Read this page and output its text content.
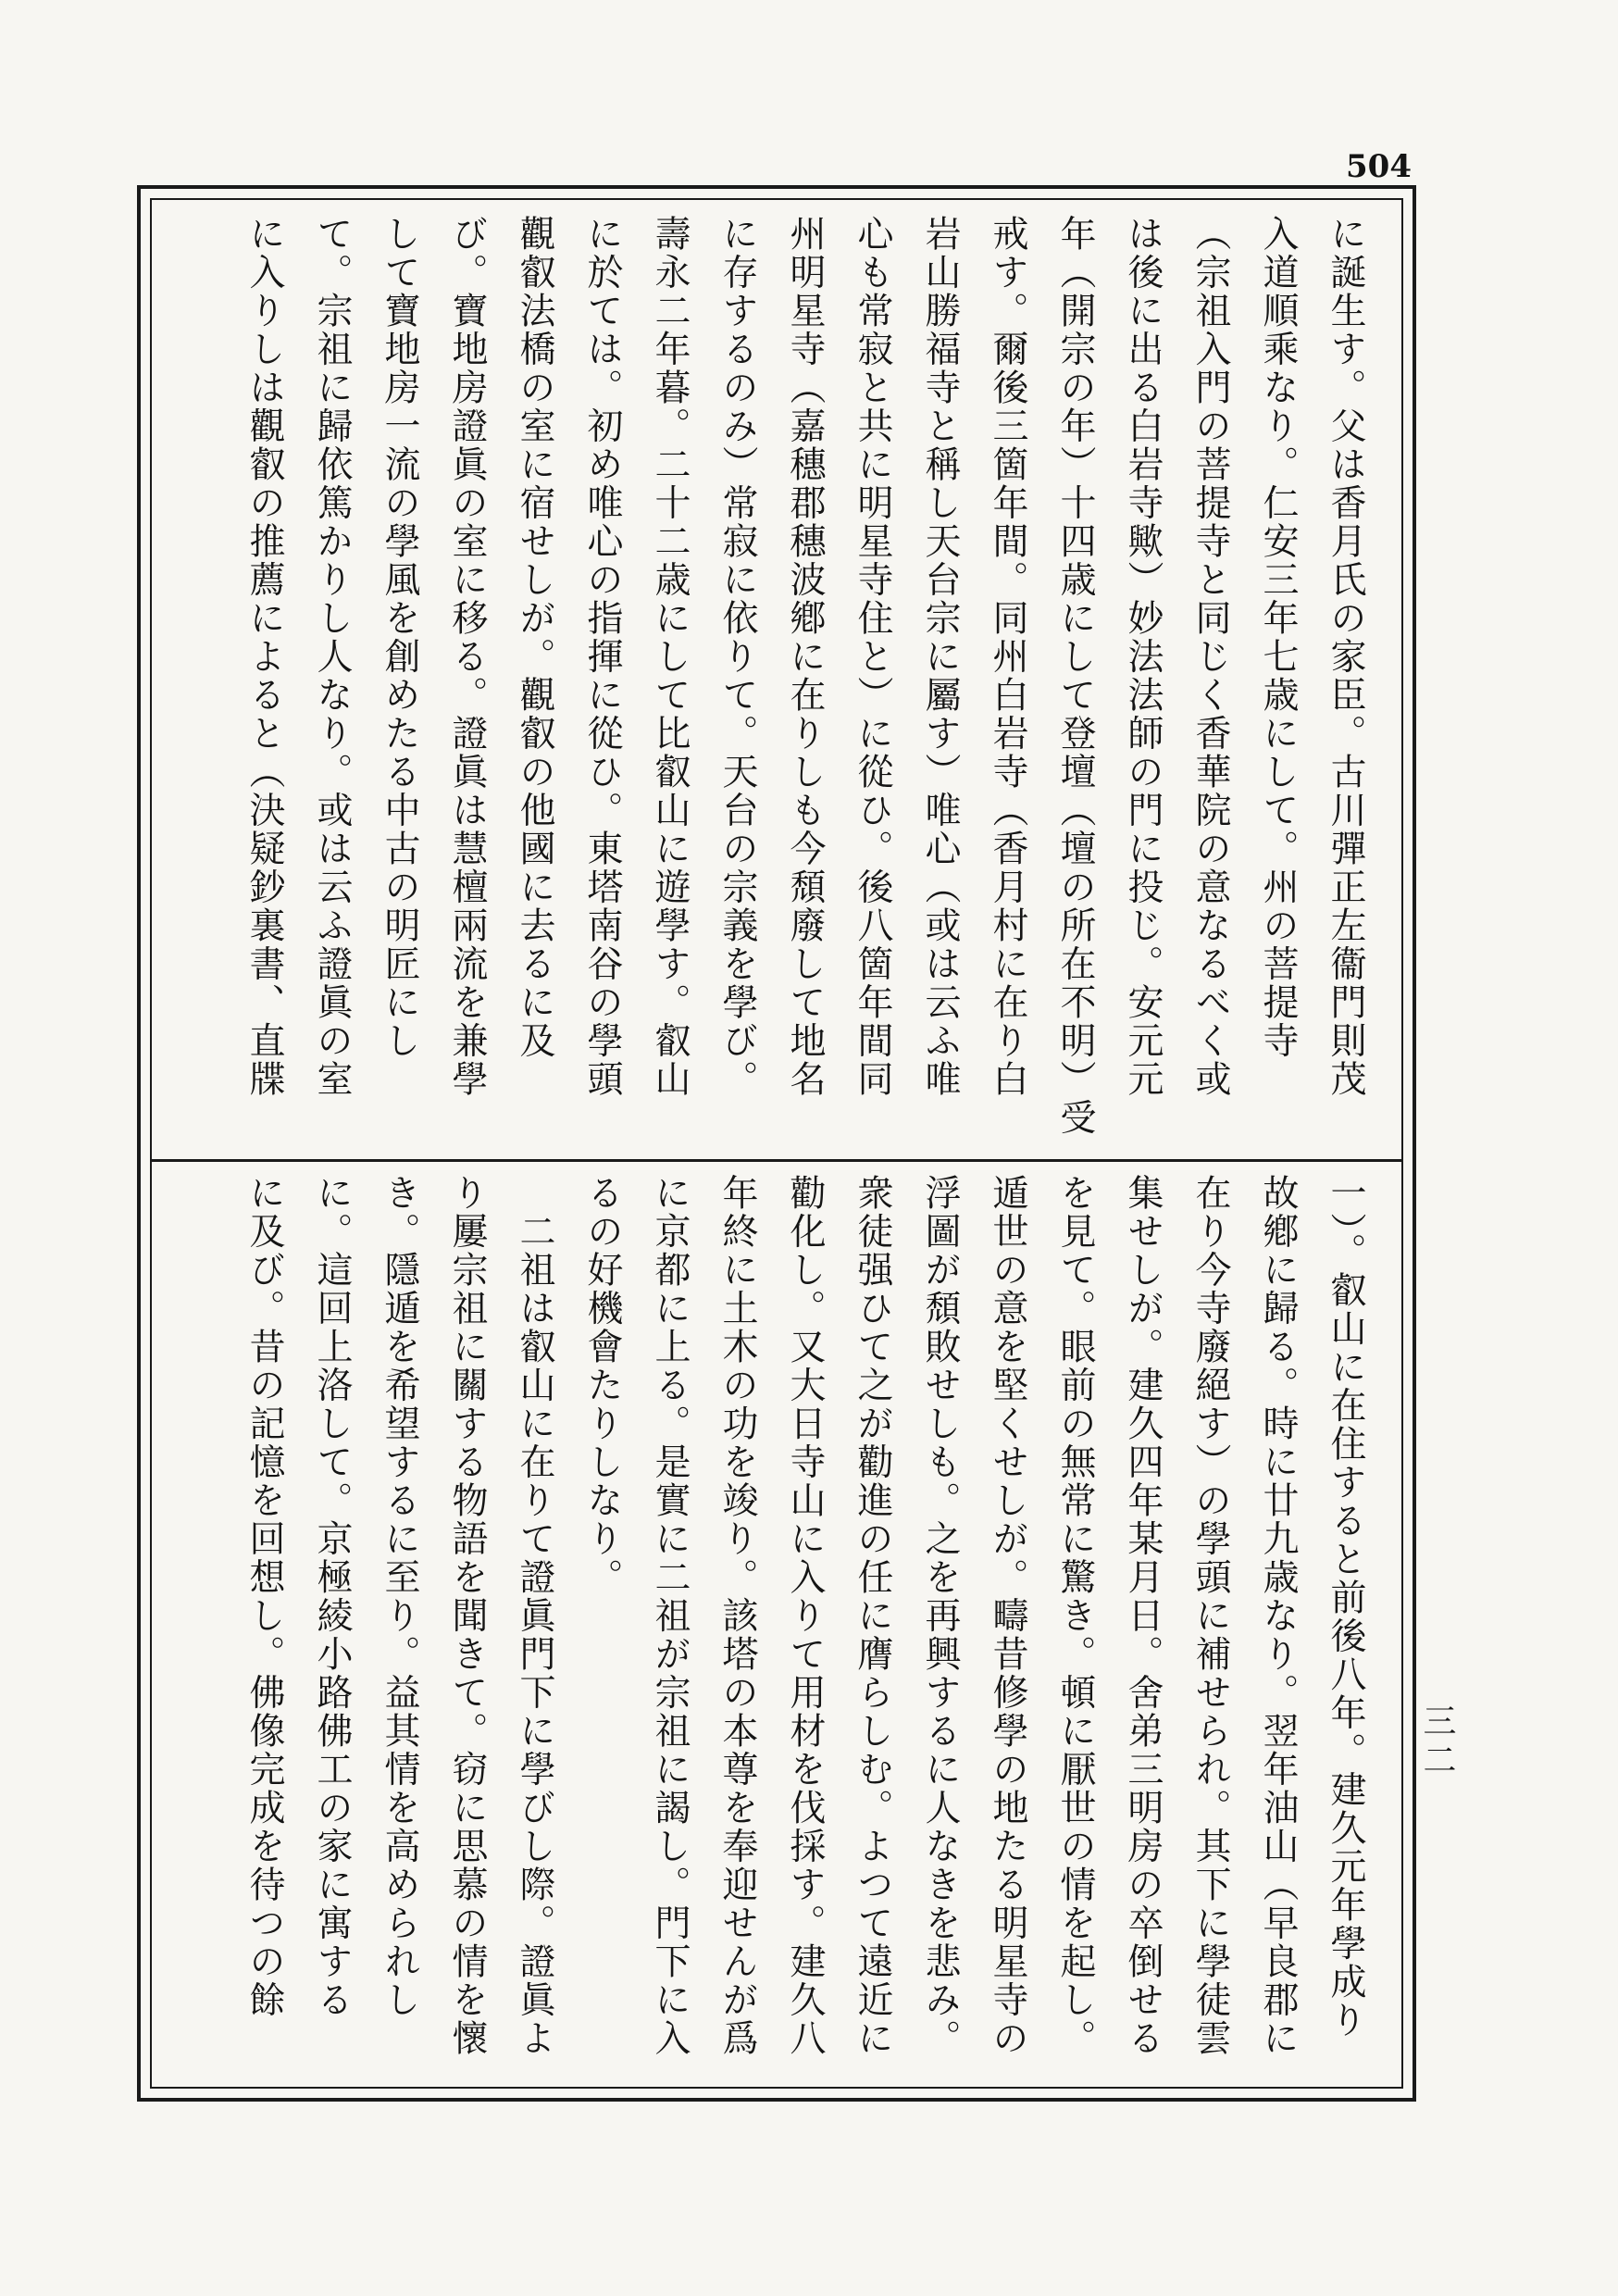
504
三二
に誕生す。父は香月氏の家臣。古川彈正左衞門則茂
入道順乘なり。仁安三年七歳にして。州の菩提寺
（宗祖入門の菩提寺と同じく香華院の意なるべく或
は後に出る白岩寺歟）妙法法師の門に投じ。安元元
年（開宗の年）十四歳にして登壇（壇の所在不明）受
戒す。爾後三箇年間。同州白岩寺（香月村に在り白
岩山勝福寺と稱し天台宗に屬す）唯心（或は云ふ唯
心も常寂と共に明星寺住と）に從ひ。後八箇年間同
州明星寺（嘉穗郡穗波鄕に在りしも今頹廢して地名
に存するのみ）常寂に依りて。天台の宗義を學び。
壽永二年暮。二十二歳にして比叡山に遊學す。叡山
に於ては。初め唯心の指揮に從ひ。東塔南谷の學頭
觀叡法橋の室に宿せしが。觀叡の他國に去るに及
び。寶地房證眞の室に移る。證眞は慧檀兩流を兼學
して寶地房一流の學風を創めたる中古の明匠にし
て。宗祖に歸依篤かりし人なり。或は云ふ證眞の室
に入りしは觀叡の推薦によると（決疑鈔裏書、直牒
一）。叡山に在住すると前後八年。建久元年學成り
故鄕に歸る。時に廿九歳なり。翌年油山（早良郡に
在り今寺廢絕す）の學頭に補せられ。其下に學徒雲
集せしが。建久四年某月日。舍弟三明房の卒倒せる
を見て。眼前の無常に驚き。頓に厭世の情を起し。
遁世の意を堅くせしが。疇昔修學の地たる明星寺の
浮圖が頹敗せしも。之を再興するに人なきを悲み。
衆徒强ひて之が勸進の任に膺らしむ。よつて遠近に
勸化し。又大日寺山に入りて用材を伐採す。建久八
年終に土木の功を竣り。該塔の本尊を奉迎せんが爲
に京都に上る。是實に二祖が宗祖に謁し。門下に入
るの好機會たりしなり。
　二祖は叡山に在りて證眞門下に學びし際。證眞よ
り屢宗祖に關する物語を聞きて。窃に思慕の情を懷
き。隱遁を希望するに至り。益其情を高められし
に。這回上洛して。京極綾小路佛工の家に寓する
に及び。昔の記憶を回想し。佛像完成を待つの餘
